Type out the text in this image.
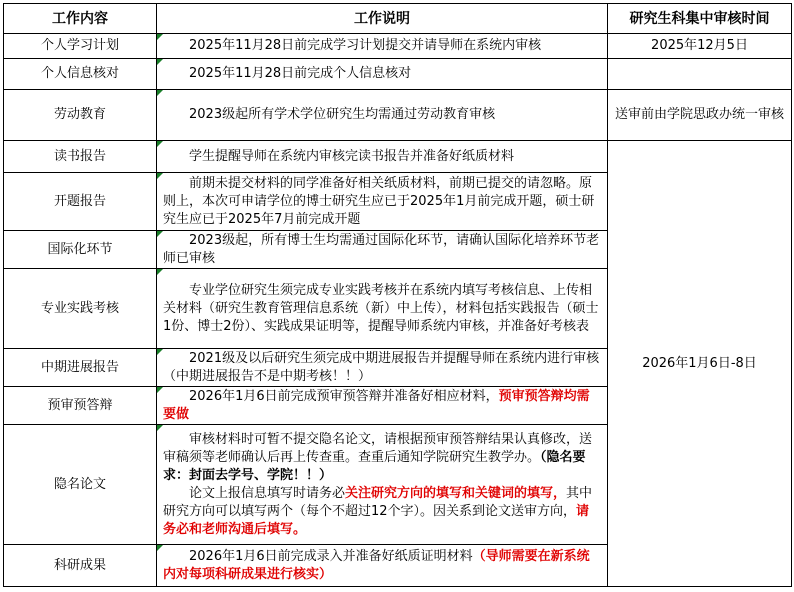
工作内容	工作说明	研究生科集中审核时间
个人学习计划	2025年11月28日前完成学习计划提交并请导师在系统内审核	2025年12月5日
个人信息核对	2025年11月28日前完成个人信息核对	
劳动教育	2023级起所有学术学位研究生均需通过劳动教育审核	送审前由学院思政办统一审核
读书报告	学生提醒导师在系统内审核完读书报告并准备好纸质材料	2026年1月6日-8日
开题报告	前期未提交材料的同学准备好相关纸质材料，前期已提交的请忽略。原则上，本次可申请学位的博士研究生应已于2025年1月前完成开题，硕士研究生应已于2025年7月前完成开题	
国际化环节	2023级起，所有博士生均需通过国际化环节，请确认国际化培养环节老师已审核	
专业实践考核	专业学位研究生须完成专业实践考核并在系统内填写考核信息、上传相关材料（研究生教育管理信息系统（新）中上传），材料包括实践报告（硕士1份、博士2份）、实践成果证明等，提醒导师系统内审核，并准备好考核表	
中期进展报告	2021级及以后研究生须完成中期进展报告并提醒导师在系统内进行审核（中期进展报告不是中期考核！！）	
预审预答辩	2026年1月6日前完成预审预答辩并准备好相应材料，预审预答辩均需要做	
隐名论文	审核材料时可暂不提交隐名论文，请根据预审预答辩结果认真修改，送审稿须等老师确认后再上传查重。查重后通知学院研究生教学办。（隐名要求：封面去学号、学院！！）
论文上报信息填写时请务必关注研究方向的填写和关键词的填写，其中研究方向可以填写两个（每个不超过12个字）。因关系到论文送审方向，请务必和老师沟通后填写。	

科研成果	2026年1月6日前完成录入并准备好纸质证明材料（导师需要在新系统内对每项科研成果进行核实）	
